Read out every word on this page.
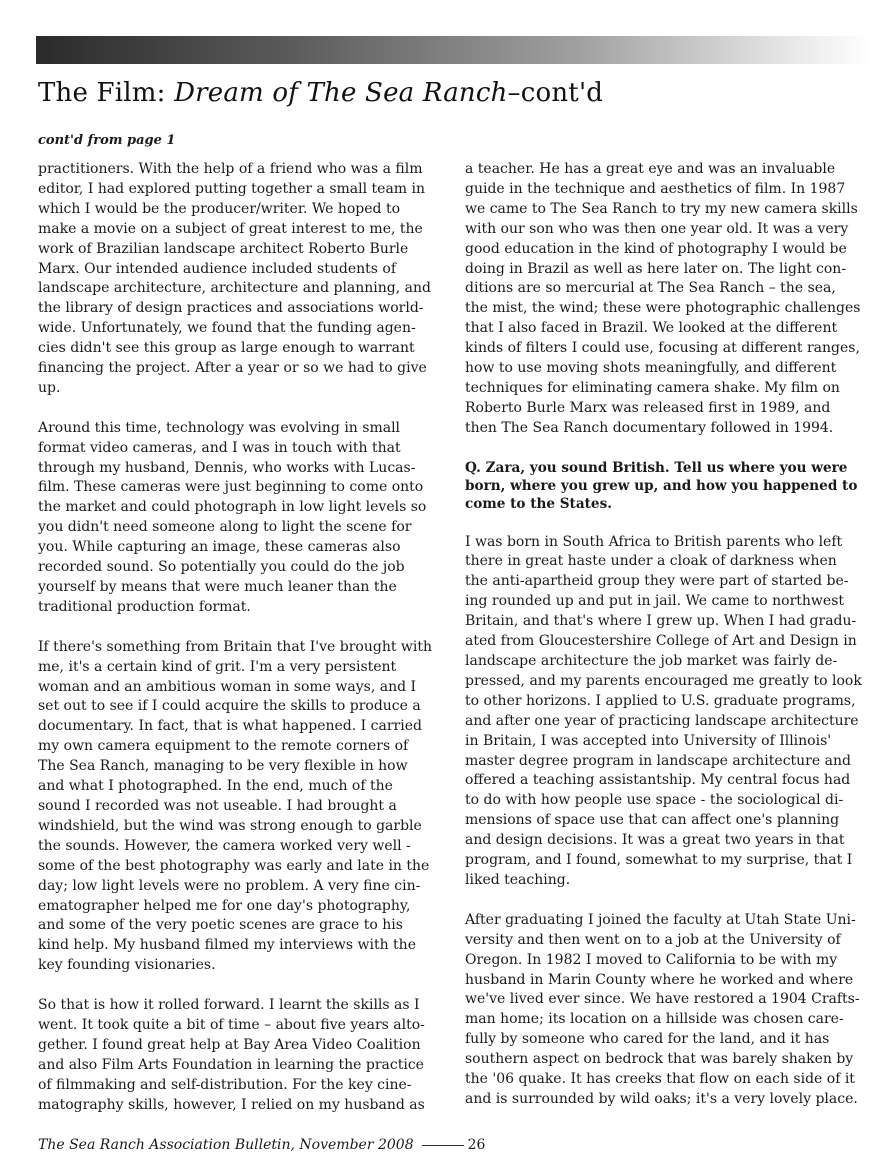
The Film: Dream of The Sea Ranch–cont'd
cont'd from page 1

practitioners. With the help of a friend who was a film editor, I had explored putting together a small team in which I would be the producer/writer. We hoped to make a movie on a subject of great interest to me, the work of Brazilian landscape architect Roberto Burle Marx. Our intended audience included students of landscape architecture, architecture and planning, and the library of design practices and associations world-wide. Unfortunately, we found that the funding agen-cies didn't see this group as large enough to warrant financing the project. After a year or so we had to give up.

Around this time, technology was evolving in small format video cameras, and I was in touch with that through my husband, Dennis, who works with Lucas-film. These cameras were just beginning to come onto the market and could photograph in low light levels so you didn't need someone along to light the scene for you. While capturing an image, these cameras also recorded sound. So potentially you could do the job yourself by means that were much leaner than the traditional production format.

If there's something from Britain that I've brought with me, it's a certain kind of grit. I'm a very persistent woman and an ambitious woman in some ways, and I set out to see if I could acquire the skills to produce a documentary. In fact, that is what happened. I carried my own camera equipment to the remote corners of The Sea Ranch, managing to be very flexible in how and what I photographed. In the end, much of the sound I recorded was not useable. I had brought a windshield, but the wind was strong enough to garble the sounds. However, the camera worked very well - some of the best photography was early and late in the day; low light levels were no problem. A very fine cin-ematographer helped me for one day's photography, and some of the very poetic scenes are grace to his kind help. My husband filmed my interviews with the key founding visionaries.

So that is how it rolled forward. I learnt the skills as I went. It took quite a bit of time – about five years alto-gether. I found great help at Bay Area Video Coalition and also Film Arts Foundation in learning the practice of filmmaking and self-distribution. For the key cine-matography skills, however, I relied on my husband as

a teacher. He has a great eye and was an invaluable guide in the technique and aesthetics of film. In 1987 we came to The Sea Ranch to try my new camera skills with our son who was then one year old. It was a very good education in the kind of photography I would be doing in Brazil as well as here later on. The light con-ditions are so mercurial at The Sea Ranch – the sea, the mist, the wind; these were photographic challenges that I also faced in Brazil. We looked at the different kinds of filters I could use, focusing at different ranges, how to use moving shots meaningfully, and different techniques for eliminating camera shake. My film on Roberto Burle Marx was released first in 1989, and then The Sea Ranch documentary followed in 1994.

Q. Zara, you sound British. Tell us where you were born, where you grew up, and how you happened to come to the States.

I was born in South Africa to British parents who left there in great haste under a cloak of darkness when the anti-apartheid group they were part of started be-ing rounded up and put in jail. We came to northwest Britain, and that's where I grew up. When I had gradu-ated from Gloucestershire College of Art and Design in landscape architecture the job market was fairly de-pressed, and my parents encouraged me greatly to look to other horizons. I applied to U.S. graduate programs, and after one year of practicing landscape architecture in Britain, I was accepted into University of Illinois' master degree program in landscape architecture and offered a teaching assistantship. My central focus had to do with how people use space - the sociological di-mensions of space use that can affect one's planning and design decisions. It was a great two years in that program, and I found, somewhat to my surprise, that I liked teaching.

After graduating I joined the faculty at Utah State Uni-versity and then went on to a job at the University of Oregon. In 1982 I moved to California to be with my husband in Marin County where he worked and where we've lived ever since. We have restored a 1904 Crafts-man home; its location on a hillside was chosen care-fully by someone who cared for the land, and it has southern aspect on bedrock that was barely shaken by the '06 quake. It has creeks that flow on each side of it and is surrounded by wild oaks; it's a very lovely place.

The Sea Ranch Association Bulletin, November 2008	26
